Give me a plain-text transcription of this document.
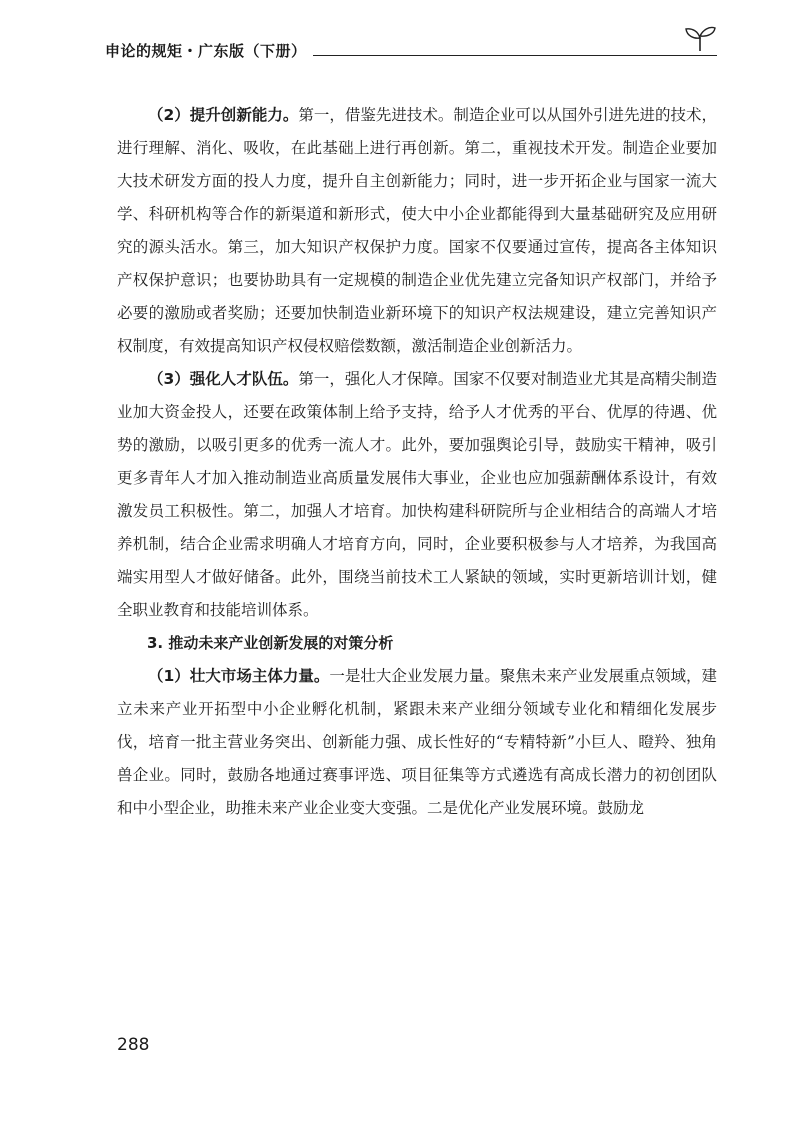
申论的规矩・广东版（下册）

（2）提升创新能力。第一，借鉴先进技术。制造企业可以从国外引进先进的技术，进行理解、消化、吸收，在此基础上进行再创新。第二，重视技术开发。制造企业要加大技术研发方面的投人力度，提升自主创新能力；同时，进一步开拓企业与国家一流大学、科研机构等合作的新渠道和新形式，使大中小企业都能得到大量基础研究及应用研究的源头活水。第三，加大知识产权保护力度。国家不仅要通过宣传，提高各主体知识产权保护意识；也要协助具有一定规模的制造企业优先建立完备知识产权部门，并给予必要的激励或者奖励；还要加快制造业新环境下的知识产权法规建设，建立完善知识产权制度，有效提高知识产权侵权赔偿数额，激活制造企业创新活力。

（3）强化人才队伍。第一，强化人才保障。国家不仅要对制造业尤其是高精尖制造业加大资金投人，还要在政策体制上给予支持，给予人才优秀的平台、优厚的待遇、优势的激励，以吸引更多的优秀一流人才。此外，要加强舆论引导，鼓励实干精神，吸引更多青年人才加入推动制造业高质量发展伟大事业，企业也应加强薪酬体系设计，有效激发员工积极性。第二，加强人才培育。加快构建科研院所与企业相结合的高端人才培养机制，结合企业需求明确人才培育方向，同时，企业要积极参与人才培养，为我国高端实用型人才做好储备。此外，围绕当前技术工人紧缺的领域，实时更新培训计划，健全职业教育和技能培训体系。

3. 推动未来产业创新发展的对策分析

（1）壮大市场主体力量。一是壮大企业发展力量。聚焦未来产业发展重点领域，建立未来产业开拓型中小企业孵化机制，紧跟未来产业细分领域专业化和精细化发展步伐，培育一批主营业务突出、创新能力强、成长性好的“专精特新”小巨人、瞪羚、独角兽企业。同时，鼓励各地通过赛事评选、项目征集等方式遴选有高成长潜力的初创团队和中小型企业，助推未来产业企业变大变强。二是优化产业发展环境。鼓励龙

288
